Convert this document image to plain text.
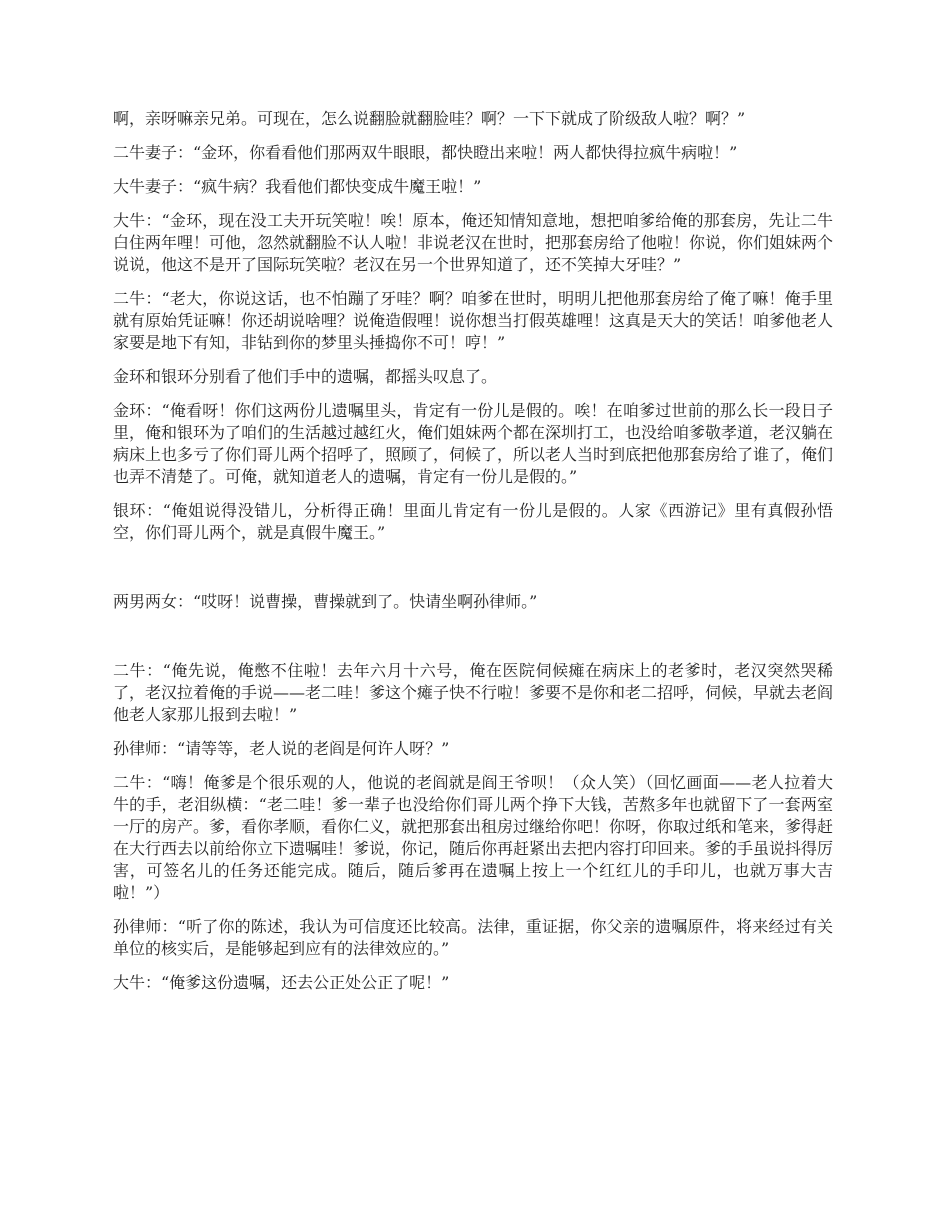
啊，亲呀嘛亲兄弟。可现在，怎么说翻脸就翻脸哇？啊？一下下就成了阶级敌人啦？啊？”

二牛妻子：“金环，你看看他们那两双牛眼眼，都快瞪出来啦！两人都快得拉疯牛病啦！”

大牛妻子：“疯牛病？我看他们都快变成牛魔王啦！”

大牛：“金环，现在没工夫开玩笑啦！唉！原本，俺还知情知意地，想把咱爹给俺的那套房，先让二牛白住两年哩！可他，忽然就翻脸不认人啦！非说老汉在世时，把那套房给了他啦！你说，你们姐妹两个说说，他这不是开了国际玩笑啦？老汉在另一个世界知道了，还不笑掉大牙哇？”

二牛：“老大，你说这话，也不怕蹦了牙哇？啊？咱爹在世时，明明儿把他那套房给了俺了嘛！俺手里就有原始凭证嘛！你还胡说啥哩？说俺造假哩！说你想当打假英雄哩！这真是天大的笑话！咱爹他老人家要是地下有知，非钻到你的梦里头捶捣你不可！哼！”

金环和银环分别看了他们手中的遗嘱，都摇头叹息了。

金环：“俺看呀！你们这两份儿遗嘱里头，肯定有一份儿是假的。唉！在咱爹过世前的那么长一段日子里，俺和银环为了咱们的生活越过越红火，俺们姐妹两个都在深圳打工，也没给咱爹敬孝道，老汉躺在病床上也多亏了你们哥儿两个招呼了，照顾了，伺候了，所以老人当时到底把他那套房给了谁了，俺们也弄不清楚了。可俺，就知道老人的遗嘱，肯定有一份儿是假的。”

银环：“俺姐说得没错儿，分析得正确！里面儿肯定有一份儿是假的。人家《西游记》里有真假孙悟空，你们哥儿两个，就是真假牛魔王。”

两男两女：“哎呀！说曹操，曹操就到了。快请坐啊孙律师。”

二牛：“俺先说，俺憋不住啦！去年六月十六号，俺在医院伺候瘫在病床上的老爹时，老汉突然哭稀了，老汉拉着俺的手说——老二哇！爹这个瘫子快不行啦！爹要不是你和老二招呼，伺候，早就去老阎他老人家那儿报到去啦！”

孙律师：“请等等，老人说的老阎是何许人呀？”

二牛：“嗨！俺爹是个很乐观的人，他说的老阎就是阎王爷呗！（众人笑）（回忆画面——老人拉着大牛的手，老泪纵横：“老二哇！爹一辈子也没给你们哥儿两个挣下大钱，苦熬多年也就留下了一套两室一厅的房产。爹，看你孝顺，看你仁义，就把那套出租房过继给你吧！你呀，你取过纸和笔来，爹得赶在大行西去以前给你立下遗嘱哇！爹说，你记，随后你再赶紧出去把内容打印回来。爹的手虽说抖得厉害，可签名儿的任务还能完成。随后，随后爹再在遗嘱上按上一个红红儿的手印儿，也就万事大吉啦！”）

孙律师：“听了你的陈述，我认为可信度还比较高。法律，重证据，你父亲的遗嘱原件，将来经过有关单位的核实后，是能够起到应有的法律效应的。”

大牛：“俺爹这份遗嘱，还去公正处公正了呢！”
